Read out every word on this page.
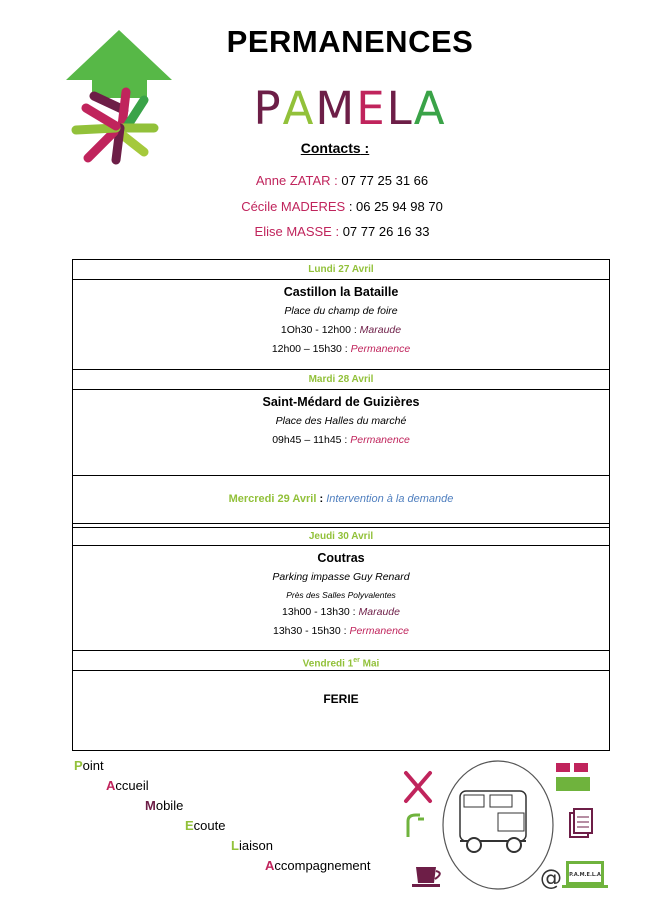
PERMANENCES
PAMELA
Contacts :
Anne ZATAR : 07 77 25 31 66
Cécile MADERES : 06 25 94 98 70
Elise MASSE : 07 77 26 16 33
Lundi 27 Avril
Castillon la Bataille
Place du champ de foire
1Oh30 - 12h00 : Maraude
12h00 – 15h30 : Permanence
Mardi 28 Avril
Saint-Médard de Guizières
Place des Halles du marché
09h45 – 11h45 : Permanence
Mercredi 29 Avril : Intervention à la demande
Jeudi 30 Avril
Coutras
Parking impasse Guy Renard
Près des Salles Polyvalentes
13h00 - 13h30 : Maraude
13h30 - 15h30 : Permanence
Vendredi 1er Mai
FERIE
Point
Accueil
Mobile
Ecoute
Liaison
Accompagnement
@ P.A.M.E.L.A
